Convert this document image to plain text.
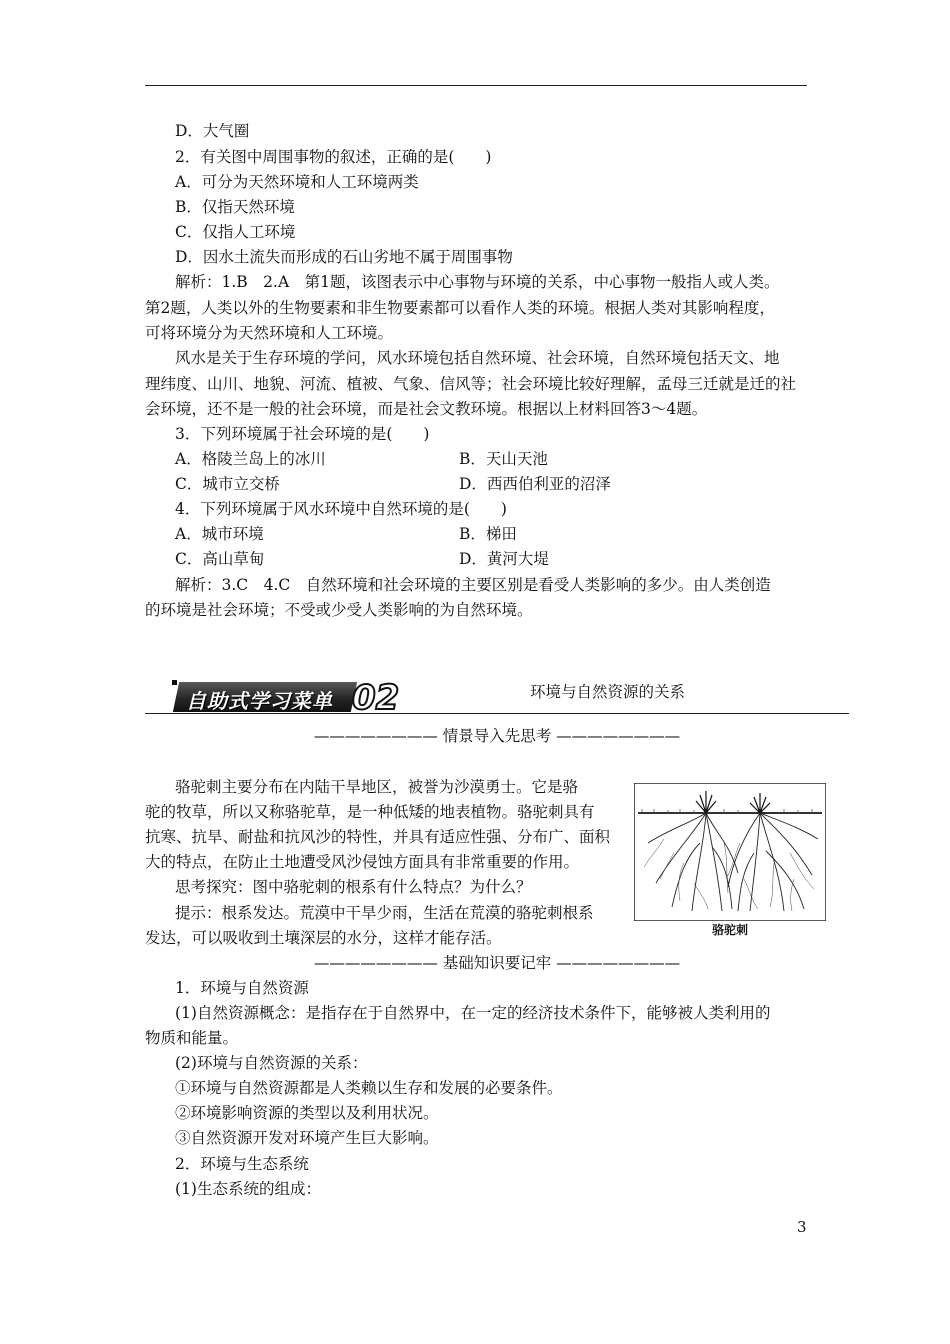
D．大气圈
2．有关图中周围事物的叙述，正确的是(　　)
A．可分为天然环境和人工环境两类
B．仅指天然环境
C．仅指人工环境
D．因水土流失而形成的石山劣地不属于周围事物
解析：1.B　2.A　第1题，该图表示中心事物与环境的关系，中心事物一般指人或人类。
第2题，人类以外的生物要素和非生物要素都可以看作人类的环境。根据人类对其影响程度，
可将环境分为天然环境和人工环境。
风水是关于生存环境的学问，风水环境包括自然环境、社会环境，自然环境包括天文、地
理纬度、山川、地貌、河流、植被、气象、信风等；社会环境比较好理解，孟母三迁就是迁的社
会环境，还不是一般的社会环境，而是社会文教环境。根据以上材料回答3～4题。
3．下列环境属于社会环境的是(　　)
A．格陵兰岛上的冰川	B．天山天池
C．城市立交桥	D．西西伯利亚的沼泽
4．下列环境属于风水环境中自然环境的是(　　)
A．城市环境	B．梯田
C．高山草甸	D．黄河大堤
解析：3.C　4.C　自然环境和社会环境的主要区别是看受人类影响的多少。由人类创造
的环境是社会环境；不受或少受人类影响的为自然环境。
自助式学习菜单 02	环境与自然资源的关系
———————— 情景导入先思考 ————————
骆驼刺主要分布在内陆干旱地区，被誉为沙漠勇士。它是骆
驼的牧草，所以又称骆驼草，是一种低矮的地表植物。骆驼刺具有
抗寒、抗旱、耐盐和抗风沙的特性，并具有适应性强、分布广、面积
大的特点，在防止土地遭受风沙侵蚀方面具有非常重要的作用。
思考探究：图中骆驼刺的根系有什么特点？为什么？
提示：根系发达。荒漠中干旱少雨，生活在荒漠的骆驼刺根系
发达，可以吸收到土壤深层的水分，这样才能存活。	骆驼刺
———————— 基础知识要记牢 ————————
1．环境与自然资源
(1)自然资源概念：是指存在于自然界中，在一定的经济技术条件下，能够被人类利用的
物质和能量。
(2)环境与自然资源的关系：
①环境与自然资源都是人类赖以生存和发展的必要条件。
②环境影响资源的类型以及利用状况。
③自然资源开发对环境产生巨大影响。
2．环境与生态系统
(1)生态系统的组成：
3
